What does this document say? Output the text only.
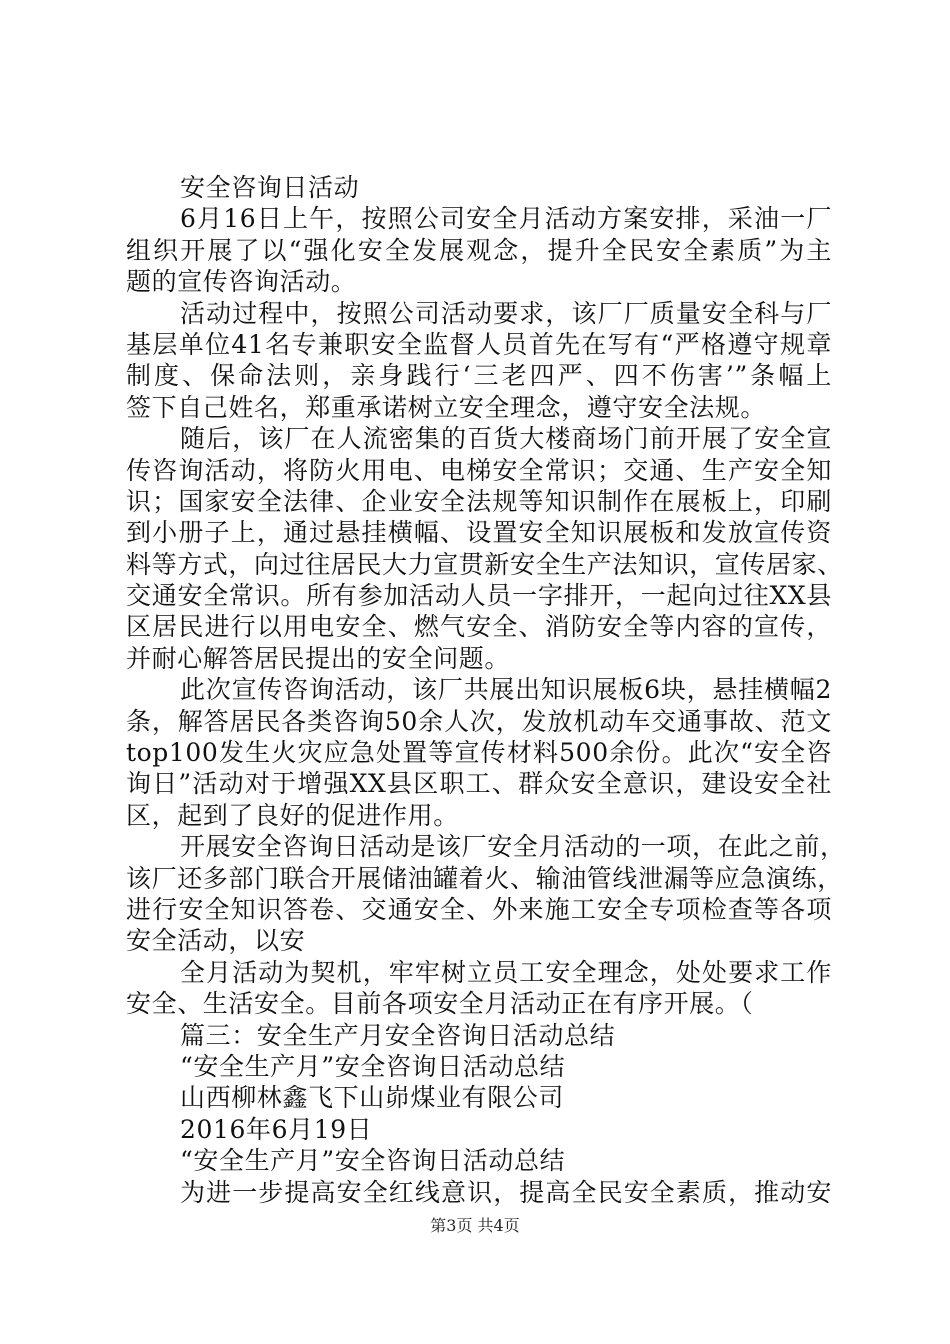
安全咨询日活动
6月16日上午，按照公司安全月活动方案安排，采油一厂
组织开展了以“强化安全发展观念，提升全民安全素质”为主
题的宣传咨询活动。
活动过程中，按照公司活动要求，该厂厂质量安全科与厂
基层单位41名专兼职安全监督人员首先在写有“严格遵守规章
制度、保命法则，亲身践行‘三老四严、四不伤害’”条幅上
签下自己姓名，郑重承诺树立安全理念，遵守安全法规。
随后，该厂在人流密集的百货大楼商场门前开展了安全宣
传咨询活动，将防火用电、电梯安全常识；交通、生产安全知
识；国家安全法律、企业安全法规等知识制作在展板上，印刷
到小册子上，通过悬挂横幅、设置安全知识展板和发放宣传资
料等方式，向过往居民大力宣贯新安全生产法知识，宣传居家、
交通安全常识。所有参加活动人员一字排开，一起向过往XX县
区居民进行以用电安全、燃气安全、消防安全等内容的宣传，
并耐心解答居民提出的安全问题。
此次宣传咨询活动，该厂共展出知识展板6块，悬挂横幅2
条，解答居民各类咨询50余人次，发放机动车交通事故、范文
top100发生火灾应急处置等宣传材料500余份。此次“安全咨
询日”活动对于增强XX县区职工、群众安全意识，建设安全社
区，起到了良好的促进作用。
开展安全咨询日活动是该厂安全月活动的一项，在此之前，
该厂还多部门联合开展储油罐着火、输油管线泄漏等应急演练，
进行安全知识答卷、交通安全、外来施工安全专项检查等各项
安全活动，以安
全月活动为契机，牢牢树立员工安全理念，处处要求工作
安全、生活安全。目前各项安全月活动正在有序开展。（
篇三：安全生产月安全咨询日活动总结
“安全生产月”安全咨询日活动总结
山西柳林鑫飞下山峁煤业有限公司
2016年6月19日
“安全生产月”安全咨询日活动总结
为进一步提高安全红线意识，提高全民安全素质，推动安
第3页 共4页
